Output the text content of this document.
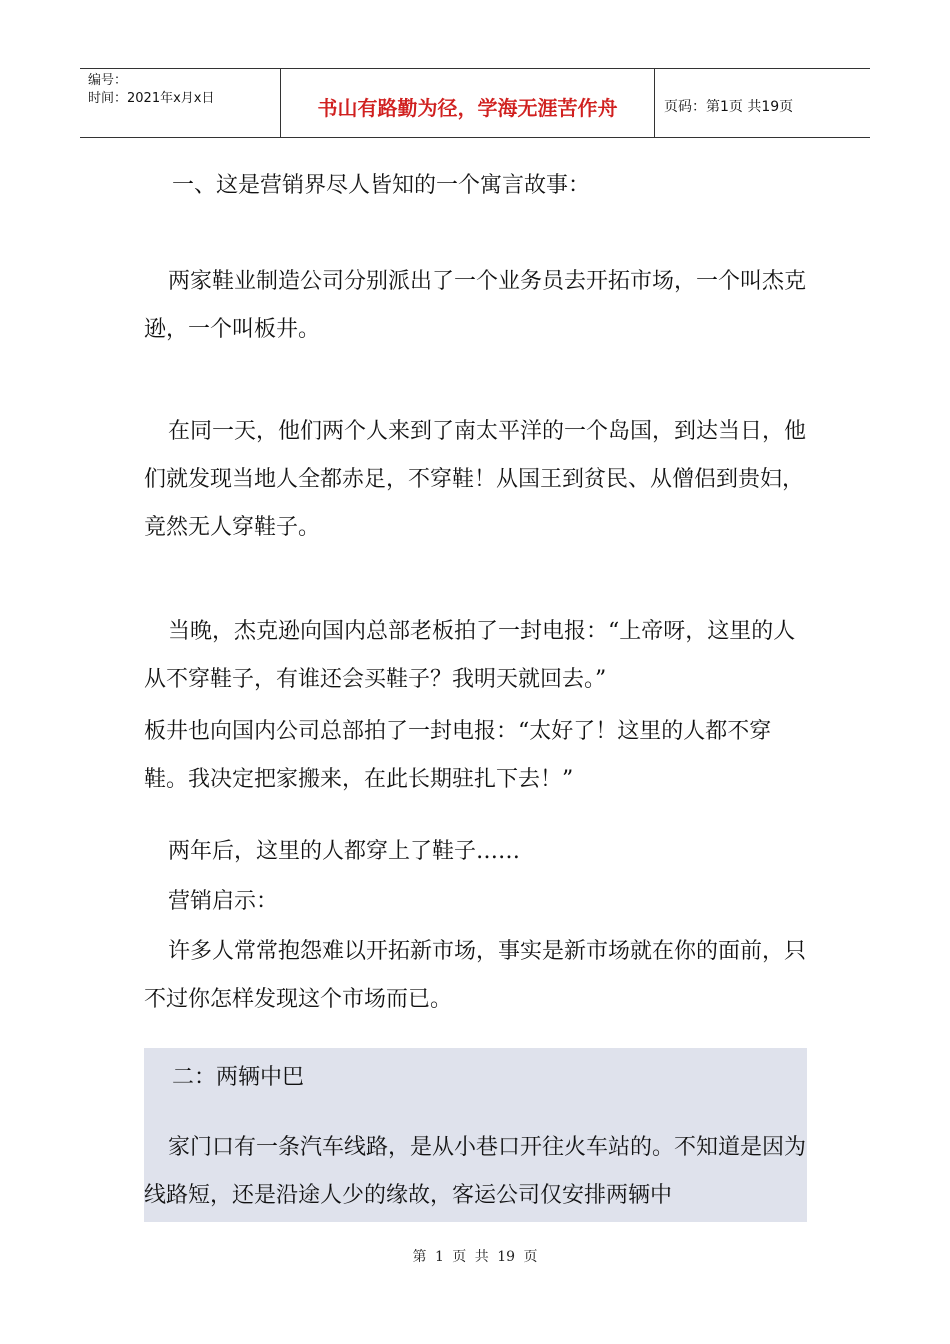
编号：
时间：2021年x月x日	书山有路勤为径，学海无涯苦作舟	页码：第1页 共19页
一、这是营销界尽人皆知的一个寓言故事：
两家鞋业制造公司分别派出了一个业务员去开拓市场，一个叫杰克逊，一个叫板井。
在同一天，他们两个人来到了南太平洋的一个岛国，到达当日，他们就发现当地人全都赤足，不穿鞋！从国王到贫民、从僧侣到贵妇，竟然无人穿鞋子。
当晚，杰克逊向国内总部老板拍了一封电报：“上帝呀，这里的人从不穿鞋子，有谁还会买鞋子？我明天就回去。”
板井也向国内公司总部拍了一封电报：“太好了！这里的人都不穿鞋。我决定把家搬来，在此长期驻扎下去！”
两年后，这里的人都穿上了鞋子……
营销启示：
许多人常常抱怨难以开拓新市场，事实是新市场就在你的面前，只不过你怎样发现这个市场而已。
二：两辆中巴
家门口有一条汽车线路，是从小巷口开往火车站的。不知道是因为线路短，还是沿途人少的缘故，客运公司仅安排两辆中
第 1 页 共 19 页
